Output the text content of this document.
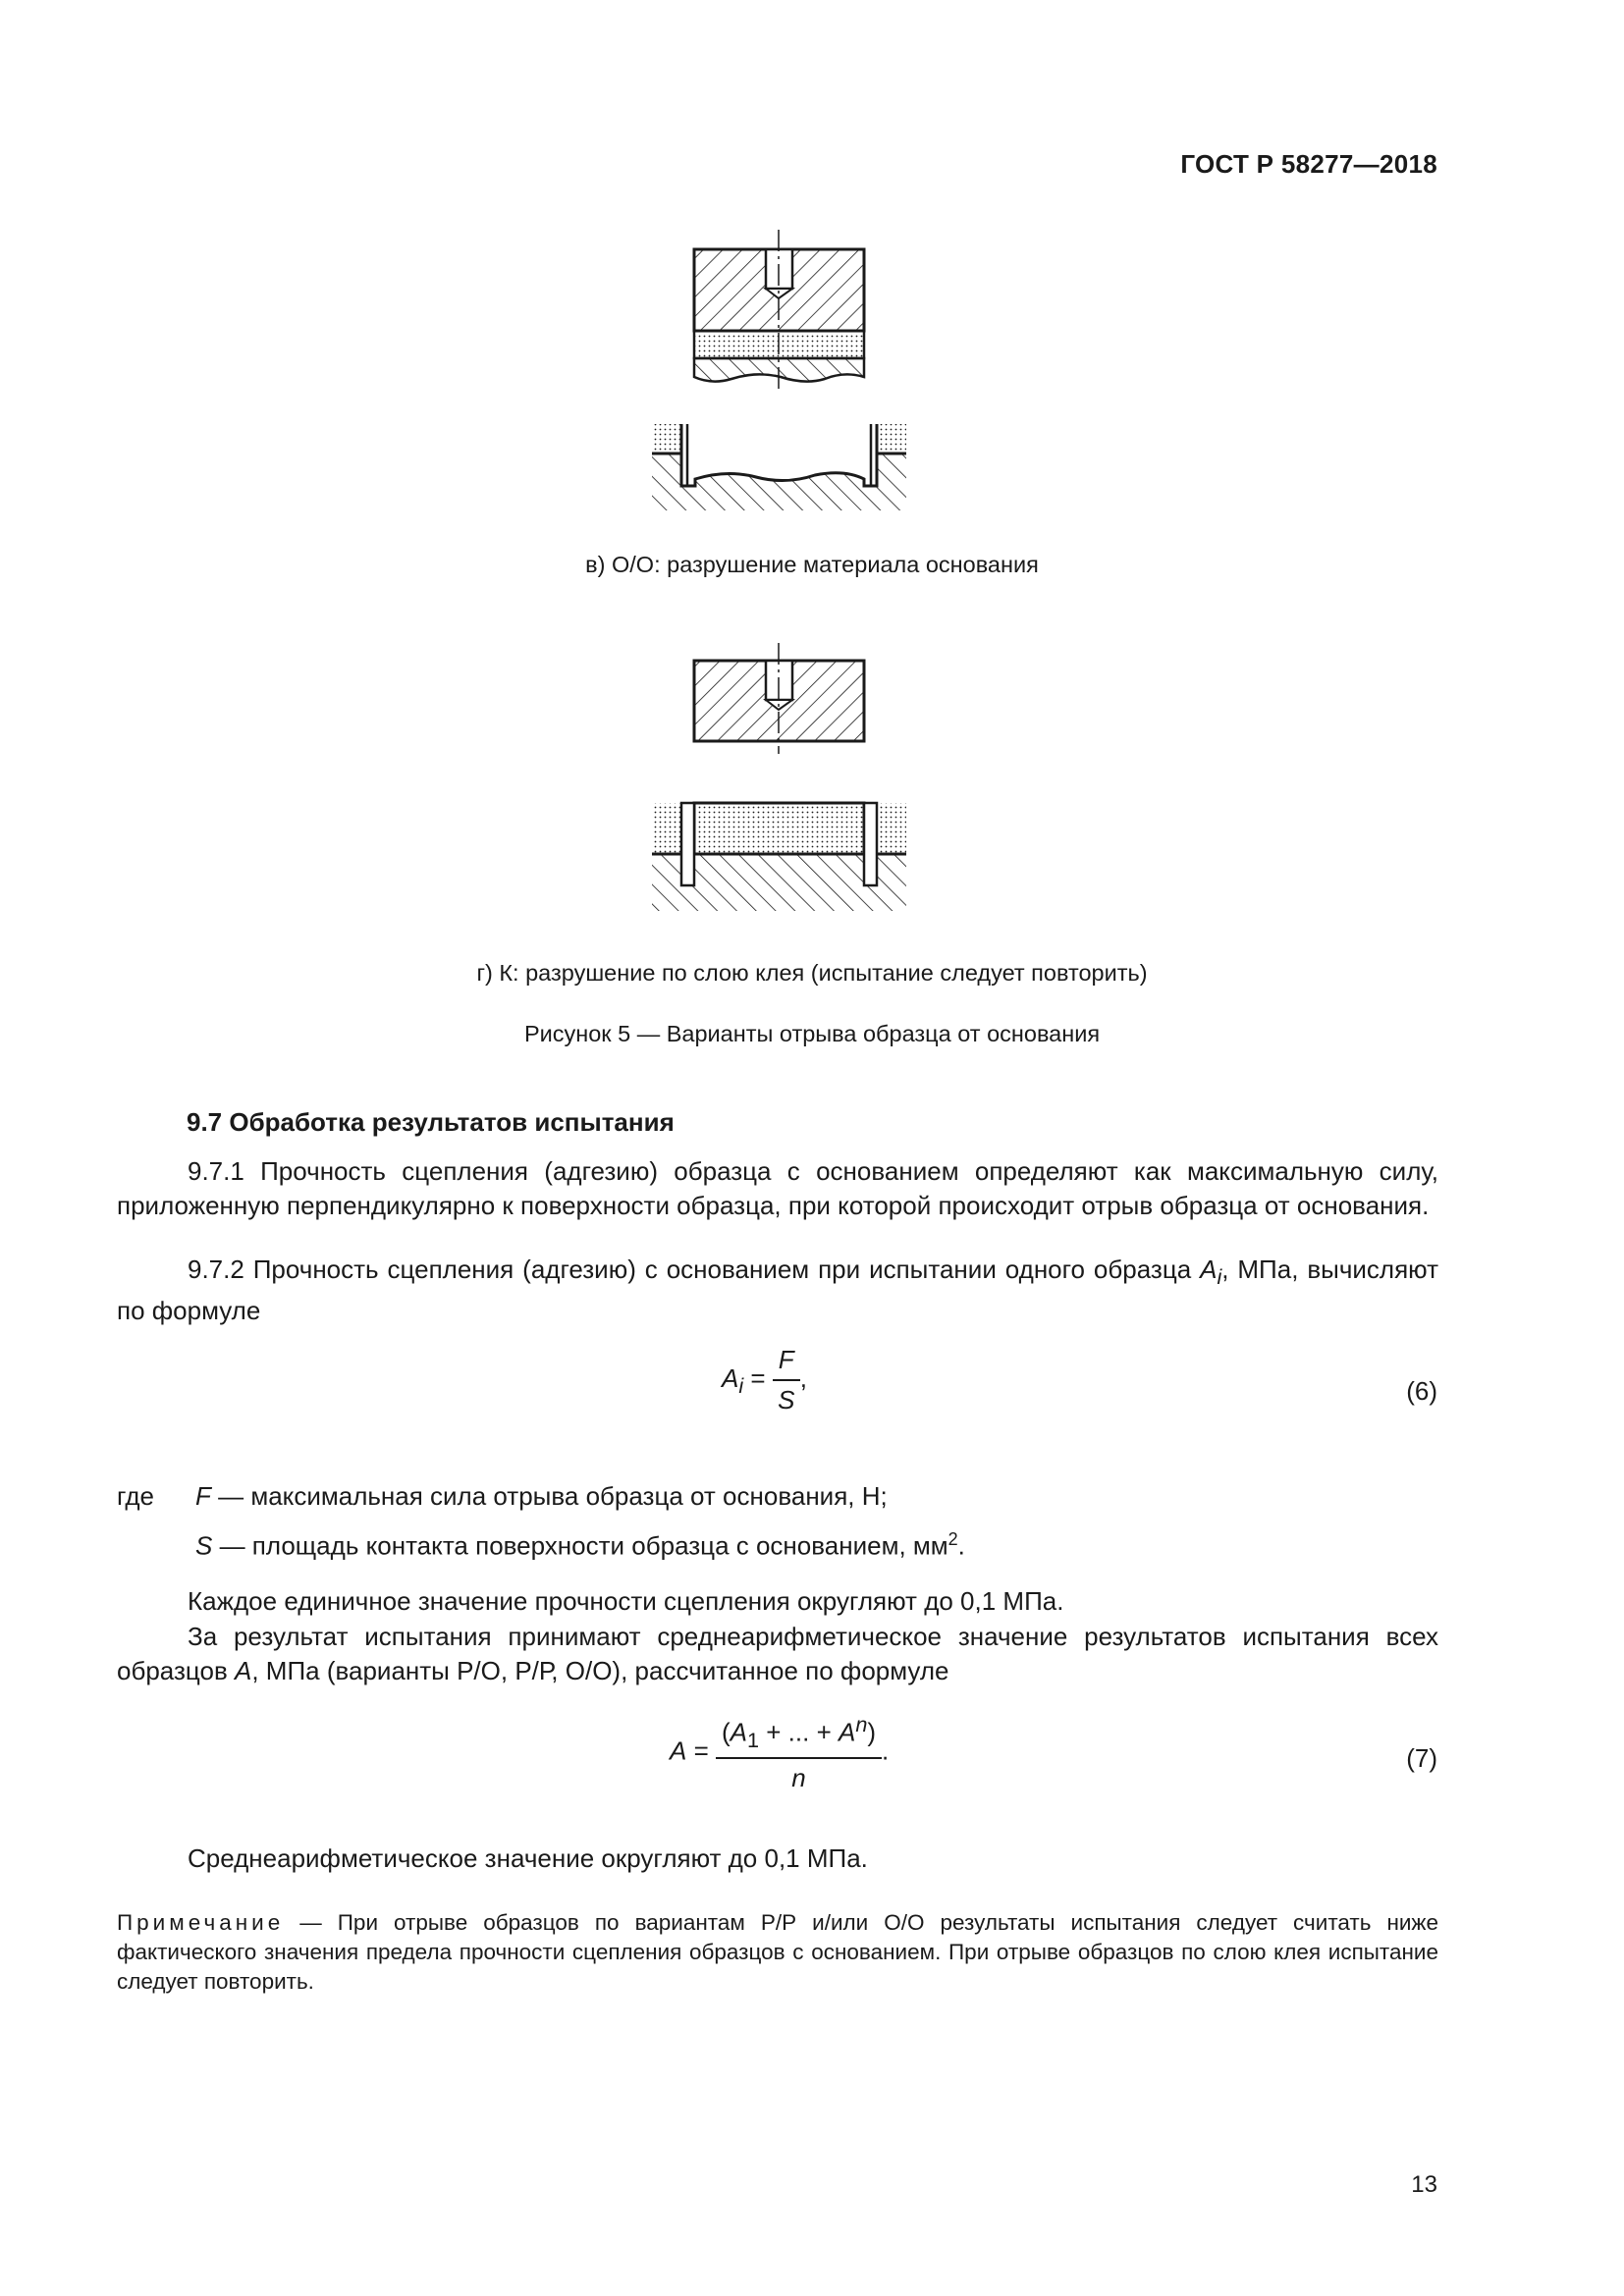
ГОСТ Р 58277—2018
в) О/О: разрушение материала основания
г) К: разрушение по слою клея (испытание следует повторить)
Рисунок 5 — Варианты отрыва образца от основания
9.7 Обработка результатов испытания
9.7.1 Прочность сцепления (адгезию) образца с основанием определяют как максимальную силу, приложенную перпендикулярно к поверхности образца, при которой происходит отрыв образца от основания.
9.7.2 Прочность сцепления (адгезию) с основанием при испытании одного образца $A_i$, МПа, вычисляют по формуле
$A_i = \frac{F}{S}$ ,	(6)
где F — максимальная сила отрыва образца от основания, Н;
S — площадь контакта поверхности образца с основанием, $мм^2$.
Каждое единичное значение прочности сцепления округляют до 0,1 МПа.
За результат испытания принимают среднеарифметическое значение результатов испытания всех образцов A, МПа (варианты Р/О, Р/Р, О/О), рассчитанное по формуле
$A = \frac{(A_1 + ... + A^n)}{n}$ .	(7)
Среднеарифметическое значение округляют до 0,1 МПа.
Примечание — При отрыве образцов по вариантам Р/Р и/или О/О результаты испытания следует считать ниже фактического значения предела прочности сцепления образцов с основанием. При отрыве образцов по слою клея испытание следует повторить.
13
